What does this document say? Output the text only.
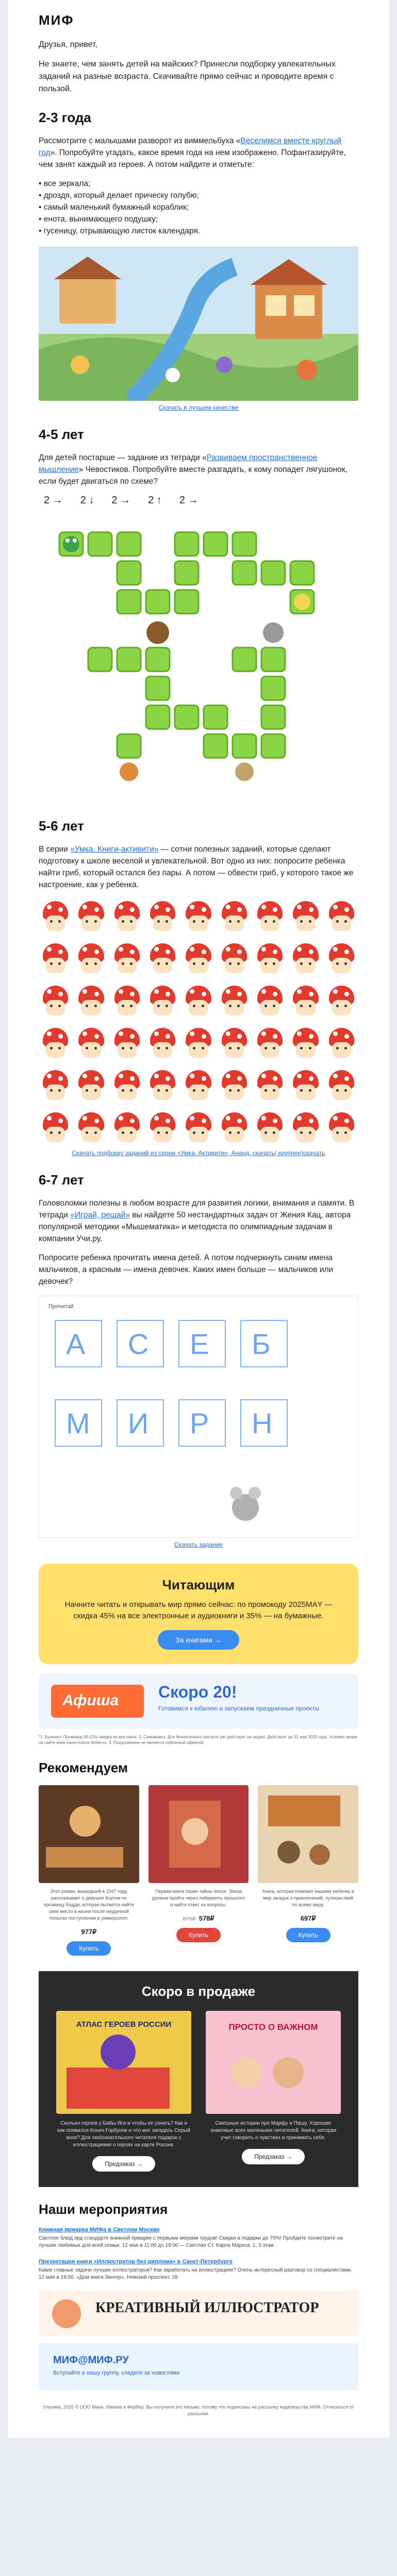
МИФ

Друзья, привет,

Не знаете, чем занять детей на майских? Принесли подборку увлекательных заданий на разные возраста. Скачивайте прямо сейчас и проводите время с пользой.

2-3 года

Рассмотрите с малышами разворот из виммельбуха «Веселимся вместе круглый год». Попробуйте угадать, какое время года на нем изображено. Пофантазируйте, чем занят каждый из героев. А потом найдите и отметьте:

• все зеркала;
• дроздя, который делает прическу голубю;
• самый маленький бумажный кораблик;
• енота, вынимающего подушку;
• гусеницу, отрывающую листок календаря.
Скачать в лучшем качестве
4-5 лет

Для детей постарше — задание из тетради «Развиваем пространственное мышление» Чевостиков. Попробуйте вместе разгадать, к кому попадет лягушонок, если будет двигаться по схеме?

2 → 2 ↓ 2 → 2 ↑ 2 →
5-6 лет

В серии «Умка. Книги-активити» — сотни полезных заданий, которые сделают подготовку к школе веселой и увлекательной. Вот одно из них: попросите ребенка найти гриб, который остался без пары. А потом — обвести гриб, у которого такое же настроение, как у ребенка.

Скачать подборку заданий из серии «Умка. Активити», Ананд, скачать( крупнее)скачать
6-7 лет

Головоломки полезны в любом возрасте для развития логики, внимания и памяти. В тетради «Играй, решай» вы найдете 50 нестандартных задач от Жения Кац, автора популярной методики «Мышематика» и методиста по олимпиадным задачам в компании Учи.ру.

Попросите ребенка прочитать имена детей. А потом подчеркнуть синим имена мальчиков, а красным — имена девочек. Каких имен больше — мальчиков или девочек?

Прочитай
А С Е Б
М И Р Н
Скачать задание
Читающим

Начните читать и открывать мир прямо сейчас: по промокоду 2025МАY — скидка 45% на все электронные и аудиокниги и 35% — на бумажные.

За книгами →
Афиша	Скоро 20!
Готовимся к юбилею и запускаем праздничные проекты
*1. Букинист Промокод 45-21% скидка на все книги. 2. Самовывоз. Для безналичного расчета (не действует на акции). Действует до 31 мая 2025 года. Условия акции на сайте www.mann-ivanov-ferber.ru. 3. Предложение не является публичной офертой.
Рекомендуем
Этот роман, вышедший в 1947 году, рассказывает о девушке Кортни по прозвищу Бадди, которая пытается найти свое место в жизни после неудачной попытки поступления в университет.
977₽
Купить
Первая книга серии тайны эпохи. Элиза должна пройти через лабиринты прошлого и найти ответ на вопросы.
875₽ 578₽
Купить
Книга, которая поможет вашему ребенку в мир загадок и приключений, путешествий по всему миру.
697₽
Купить
Скоро в продаже
АТЛАС ГЕРОЕВ РОССИИ
Сколько героев у Бабы-Яги и чтобы ее узнать? Как и как появился Конек-Горбунок и что мог загадать Серый волк? Для любознательного читателя подарок с иллюстрациями о героях на карте России.
Предзаказ →
ПРОСТО О ВАЖНОМ
Смешные истории про Марфу и Пашу. Хорошие знакомые всех маленьких читателей. Книга, которая учит говорить о чувствах и принимать себя.
Предзаказ →
Наши мероприятия
Книжная ярмарка МИФа в Светлом Москве
Светлое блюд ярд стандарте книжной ярмарки с первыми мерами трудов! Скидки а подарки до 70%! Пройдите посмотрите на лучших любимых для всей семьи. 12 мая в 11:00 до 19:00 — Светлая Ст. Карла Маркса, 1, 3 этаж
Презентация книги «Иллюстратор без диплома» в Санкт-Петербурге
Какие главные задачи лучших иллюстраторов? Как заработать на иллюстрациях? Очень интересный разговор со специалистами. 12 мая в 19:00. «Дом книги Зингер», Невский проспект, 28
КРЕАТИВНЫЙ ИЛЛЮСТРАТОР
МИФ@МИФ.РУ
Вступайте в нашу группу, следите за новостями
Ультима, 2025 © ООО Манн, Иванов и Фербер. Вы получили это письмо, потому что подписаны на рассылку издательства МИФ. Отписаться от рассылки.
